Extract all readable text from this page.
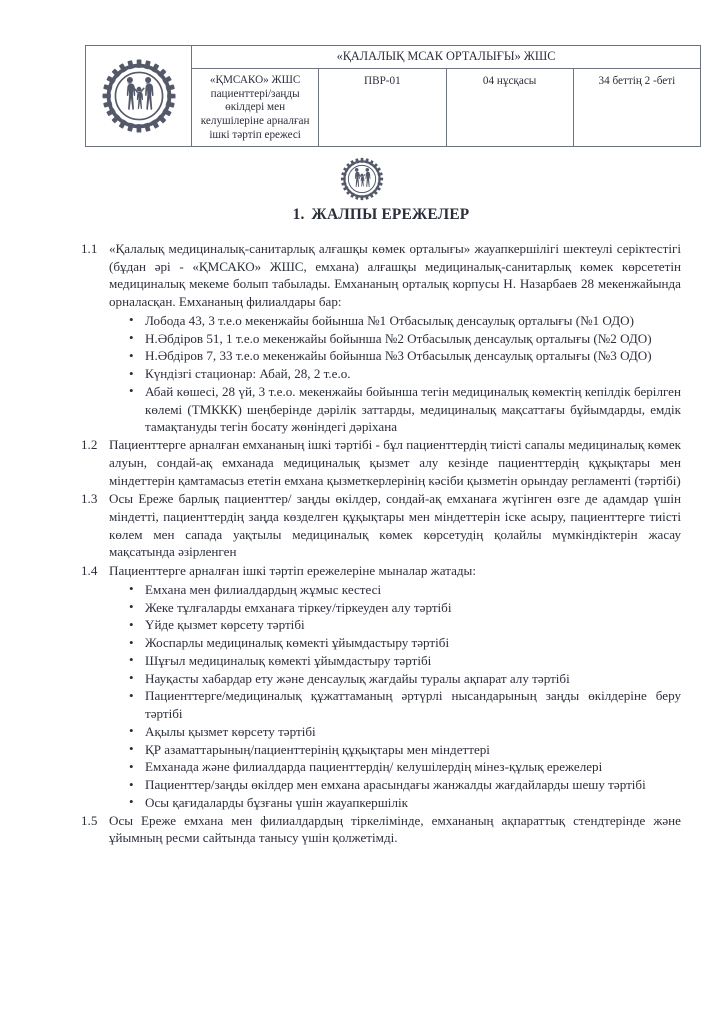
	«ҚАЛАЛЫҚ МСАК ОРТАЛЫҒЫ» ЖШС			
	«ҚМСАКО» ЖШС пациенттері/заңды өкілдері мен келушілеріне арналған ішкі тәртіп ережесі	ПВР-01	04 нұсқасы	34 беттің 2 -беті
1. ЖАЛПЫ ЕРЕЖЕЛЕР
1.1 «Қалалық медициналық-санитарлық алғашқы көмек орталығы» жауапкершілігі шектеулі серіктестігі (бұдан әрі - «ҚМСАКО» ЖШС, емхана) алғашқы медициналық-санитарлық көмек көрсететін медициналық мекеме болып табылады. Емхананың орталық корпусы Н. Назарбаев 28 мекенжайында орналасқан. Емхананың филиалдары бар:
• Лобода 43, 3 т.е.о мекенжайы бойынша №1 Отбасылық денсаулық орталығы (№1 ОДО)
• Н.Әбдіров 51, 1 т.е.о мекенжайы бойынша №2 Отбасылық денсаулық орталығы (№2 ОДО)
• Н.Әбдіров 7, 33 т.е.о мекенжайы бойынша №3 Отбасылық денсаулық орталығы (№3 ОДО)
• Күндізгі стационар: Абай, 28, 2 т.е.о.
• Абай көшесі, 28 үй, 3 т.е.о. мекенжайы бойынша тегін медициналық көмектің кепілдік берілген көлемі (ТМККК) шеңберінде дәрілік заттарды, медициналық мақсаттағы бұйымдарды, емдік тамақтануды тегін босату жөніндегі дәріхана
1.2 Пациенттерге арналған емхананың ішкі тәртібі - бұл пациенттердің тиісті сапалы медициналық көмек алуын, сондай-ақ емханада медициналық қызмет алу кезінде пациенттердің құқықтары мен міндеттерін қамтамасыз ететін емхана қызметкерлерінің кәсіби қызметін орындау регламенті (тәртібі)
1.3 Осы Ереже барлық пациенттер/ заңды өкілдер, сондай-ақ емханаға жүгінген өзге де адамдар үшін міндетті, пациенттердің заңда көзделген құқықтары мен міндеттерін іске асыру, пациенттерге тиісті көлем мен сапада уақтылы медициналық көмек көрсетудің қолайлы мүмкіндіктерін жасау мақсатында әзірленген
1.4 Пациенттерге арналған ішкі тәртіп ережелеріне мыналар жатады:
• Емхана мен филиалдардың жұмыс кестесі
• Жеке тұлғаларды емханаға тіркеу/тіркеуден алу тәртібі
• Үйде қызмет көрсету тәртібі
• Жоспарлы медициналық көмекті ұйымдастыру тәртібі
• Шұғыл медициналық көмекті ұйымдастыру тәртібі
• Науқасты хабардар ету және денсаулық жағдайы туралы ақпарат алу тәртібі
• Пациенттерге/медициналық құжаттаманың әртүрлі нысандарының заңды өкілдеріне беру тәртібі
• Ақылы қызмет көрсету тәртібі
• ҚР азаматтарының/пациенттерінің құқықтары мен міндеттері
• Емханада және филиалдарда пациенттердің/ келушілердің мінез-құлық ережелері
• Пациенттер/заңды өкілдер мен емхана арасындағы жанжалды жағдайларды шешу тәртібі
• Осы қағидаларды бұзғаны үшін жауапкершілік
1.5 Осы Ереже емхана мен филиалдардың тіркелімінде, емхананың ақпараттық стендтерінде және ұйымның ресми сайтында танысу үшін қолжетімді.
